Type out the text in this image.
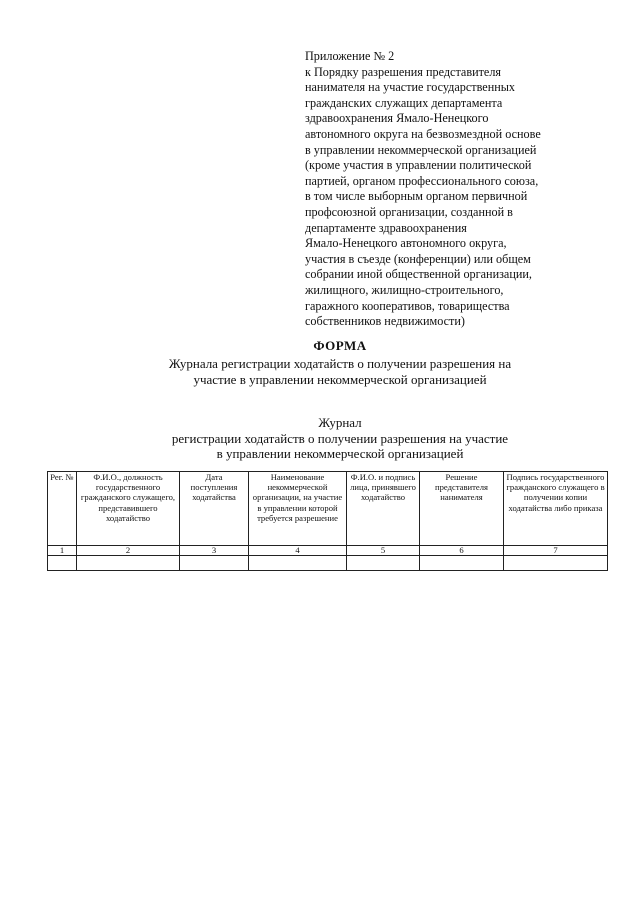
Приложение № 2
к Порядку разрешения представителя
нанимателя на участие государственных
гражданских служащих департамента
здравоохранения Ямало-Ненецкого
автономного округа на безвозмездной основе
в управлении некоммерческой организацией
(кроме участия в управлении политической
партией, органом профессионального союза,
в том числе выборным органом первичной
профсоюзной организации, созданной в
департаменте здравоохранения
Ямало-Ненецкого автономного округа,
участия в съезде (конференции) или общем
собрании иной общественной организации,
жилищного, жилищно-строительного,
гаражного кооперативов, товарищества
собственников недвижимости)
ФОРМА
Журнала регистрации ходатайств о получении разрешения на
участие в управлении некоммерческой организацией
Журнал
регистрации ходатайств о получении разрешения на участие
в управлении некоммерческой организацией
Рег. №	Ф.И.О., должность государственного гражданского служащего, представившего ходатайство	Дата поступления ходатайства	Наименование некоммерческой организации, на участие в управлении которой требуется разрешение	Ф.И.О. и подпись лица, принявшего ходатайство	Решение представителя нанимателя	Подпись государственного гражданского служащего в получении копии ходатайства либо приказа

1	2	3	4	5	6	7
